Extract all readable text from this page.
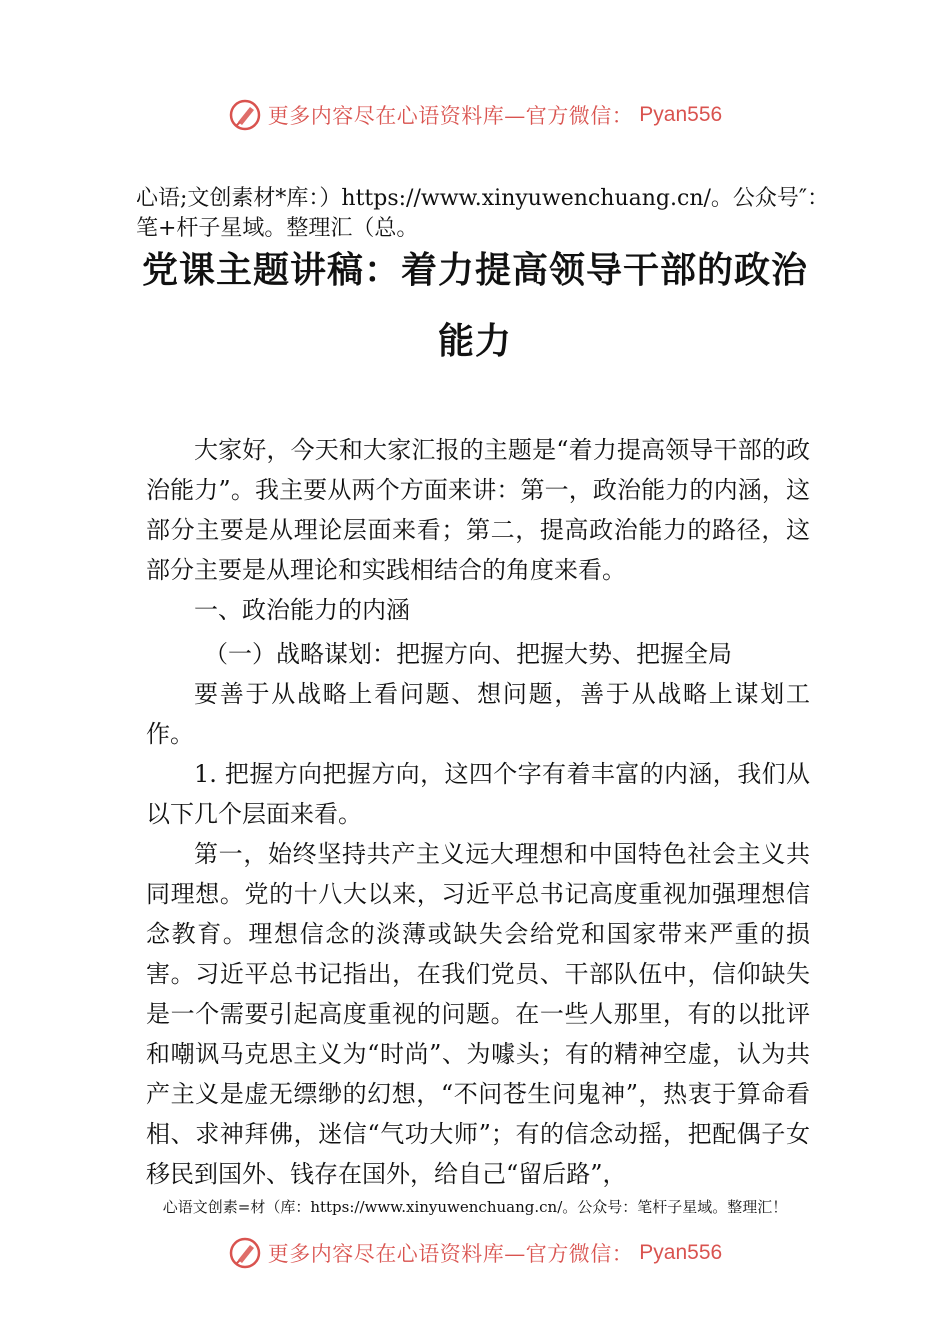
更多内容尽在心语资料库—官方微信： Pyan556
心语;文创素材*库：）https://www.xinyuwenchuang.cn/。公众号″：笔+杆子星域。整理汇（总。
党课主题讲稿：着力提高领导干部的政治
能力

大家好，今天和大家汇报的主题是“着力提高领导干部的政治能力”。我主要从两个方面来讲：第一，政治能力的内涵，这部分主要是从理论层面来看；第二，提高政治能力的路径，这部分主要是从理论和实践相结合的角度来看。

一、政治能力的内涵

（一）战略谋划：把握方向、把握大势、把握全局

要善于从战略上看问题、想问题，善于从战略上谋划工作。

1. 把握方向把握方向，这四个字有着丰富的内涵，我们从以下几个层面来看。

第一，始终坚持共产主义远大理想和中国特色社会主义共同理想。党的十八大以来，习近平总书记高度重视加强理想信念教育。理想信念的淡薄或缺失会给党和国家带来严重的损害。习近平总书记指出，在我们党员、干部队伍中，信仰缺失是一个需要引起高度重视的问题。在一些人那里，有的以批评和嘲讽马克思主义为“时尚”、为噱头；有的精神空虚，认为共产主义是虚无缥缈的幻想，“不问苍生问鬼神”，热衷于算命看相、求神拜佛，迷信“气功大师”；有的信念动摇，把配偶子女移民到国外、钱存在国外，给自己“留后路”，

心语文创素=材（库：https://www.xinyuwenchuang.cn/。公众号：笔杆子星域。整理汇！
更多内容尽在心语资料库—官方微信： Pyan556
